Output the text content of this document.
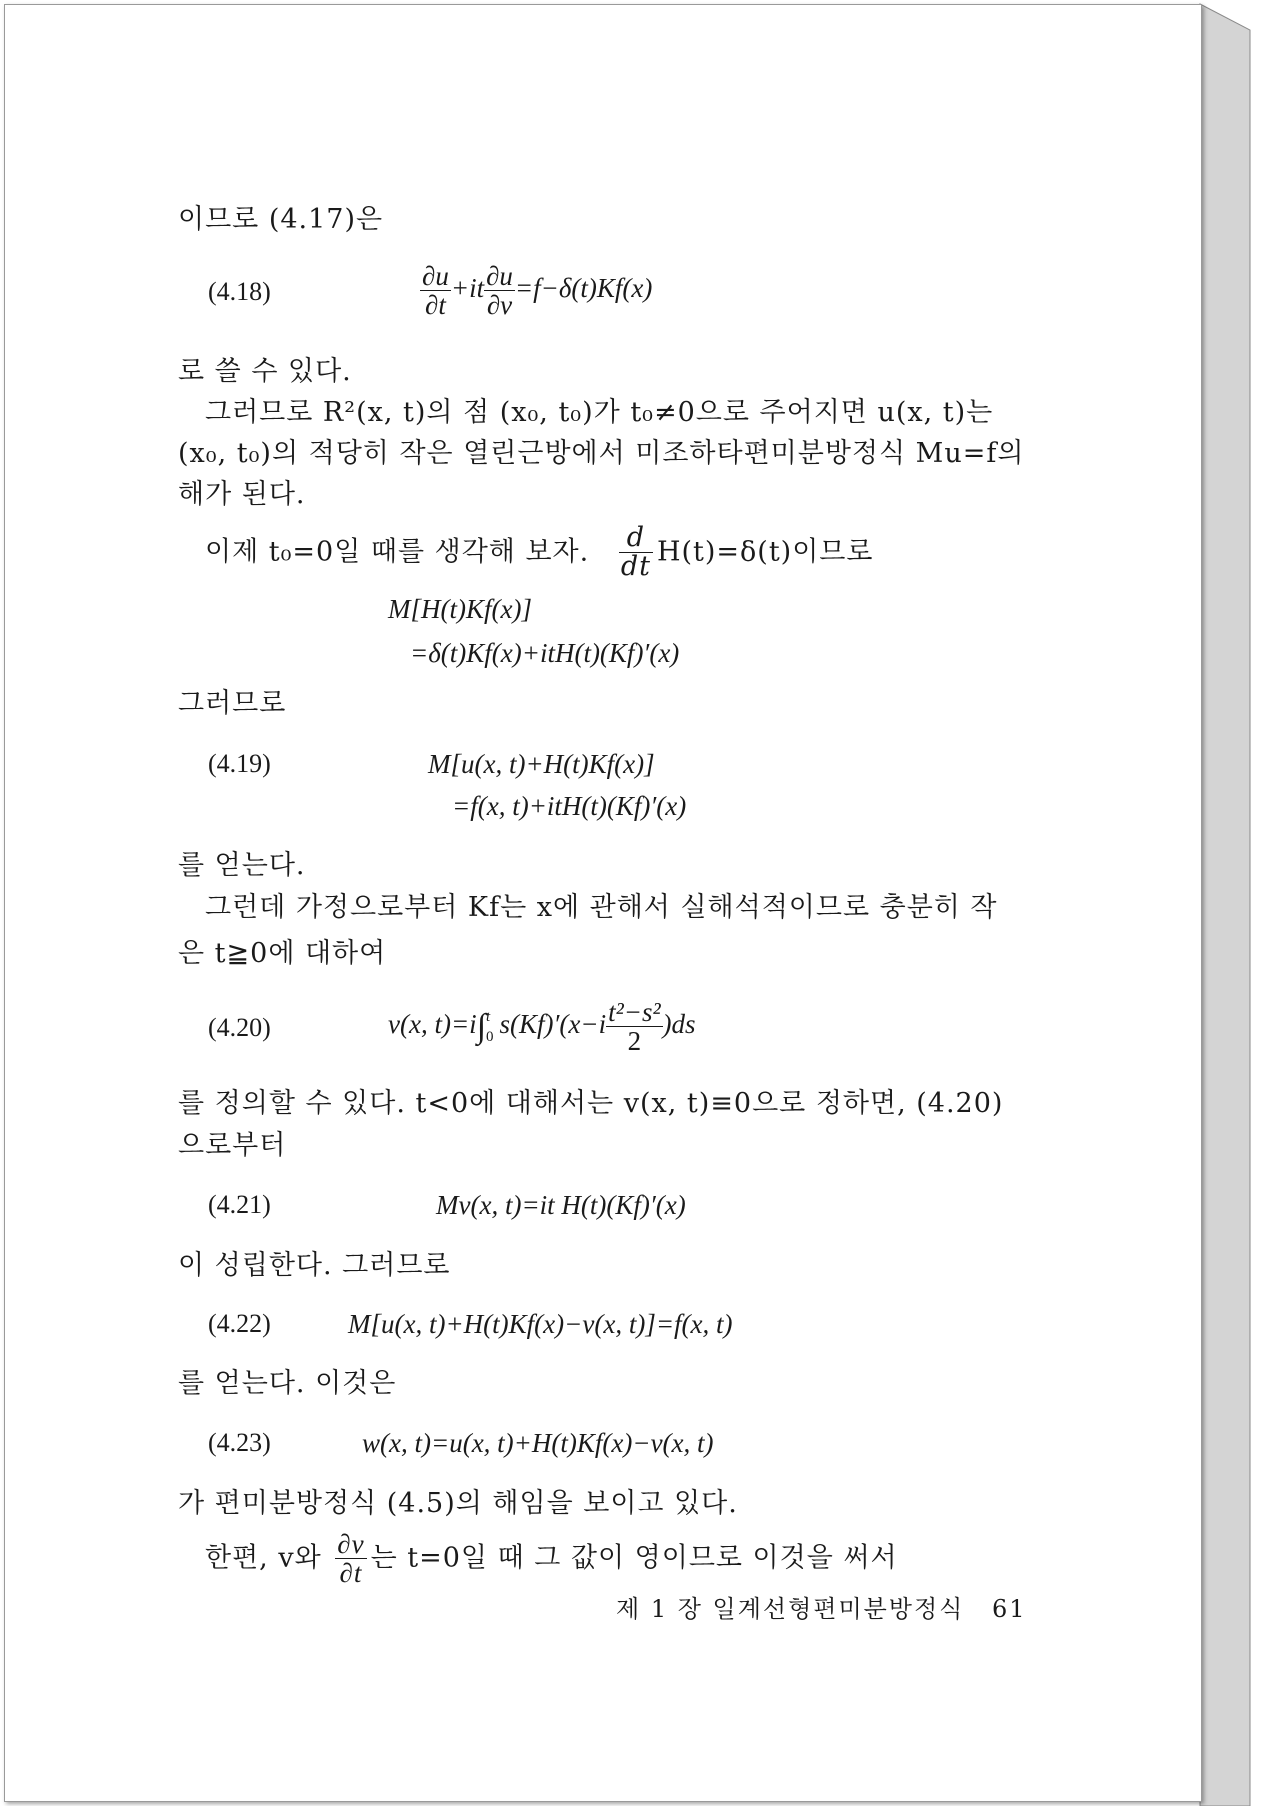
이므로 (4.17)은
(4.18)	$\frac{\partial u}{\partial t} +it \frac{\partial u}{\partial v} =f-\delta(t)Kf(x)$
로 쓸 수 있다.
그러므로 R²(x, t)의 점 (x₀, t₀)가 t₀≠0으로 주어지면 u(x, t)는
(x₀, t₀)의 적당히 작은 열린근방에서 미조하타편미분방정식 Mu=f의
해가 된다.
이제 t₀=0일 때를 생각해 보자. $\frac{d}{dt} H(t)=\delta(t)$이므로
M[H(t)Kf(x)]
=δ(t)Kf(x)+itH(t)(Kf)′(x)
그러므로
(4.19)	M[u(x, t)+H(t)Kf(x)]
=f(x, t)+itH(t)(Kf)′(x)
를 얻는다.
그런데 가정으로부터 Kf는 x에 관해서 실해석적이므로 충분히 작
은 t≧0에 대하여
(4.20)	v(x, t)=i∫ t
0 $s(Kf)'(x-i \frac{\text{t²−s²}}{2} )ds$
를 정의할 수 있다. t<0에 대해서는 v(x, t)≡0으로 정하면, (4.20)
으로부터
(4.21)	Mv(x, t)=it H(t)(Kf)′(x)
이 성립한다. 그러므로
(4.22)	M[u(x, t)+H(t)Kf(x)−v(x, t)]=f(x, t)
를 얻는다. 이것은
(4.23)	w(x, t)=u(x, t)+H(t)Kf(x)−v(x, t)
가 편미분방정식 (4.5)의 해임을 보이고 있다.
한편, v와 $\frac{\partial v}{\partial t}$ 는 t=0일 때 그 값이 영이므로 이것을 써서
제 1 장 일계선형편미분방정식 61
